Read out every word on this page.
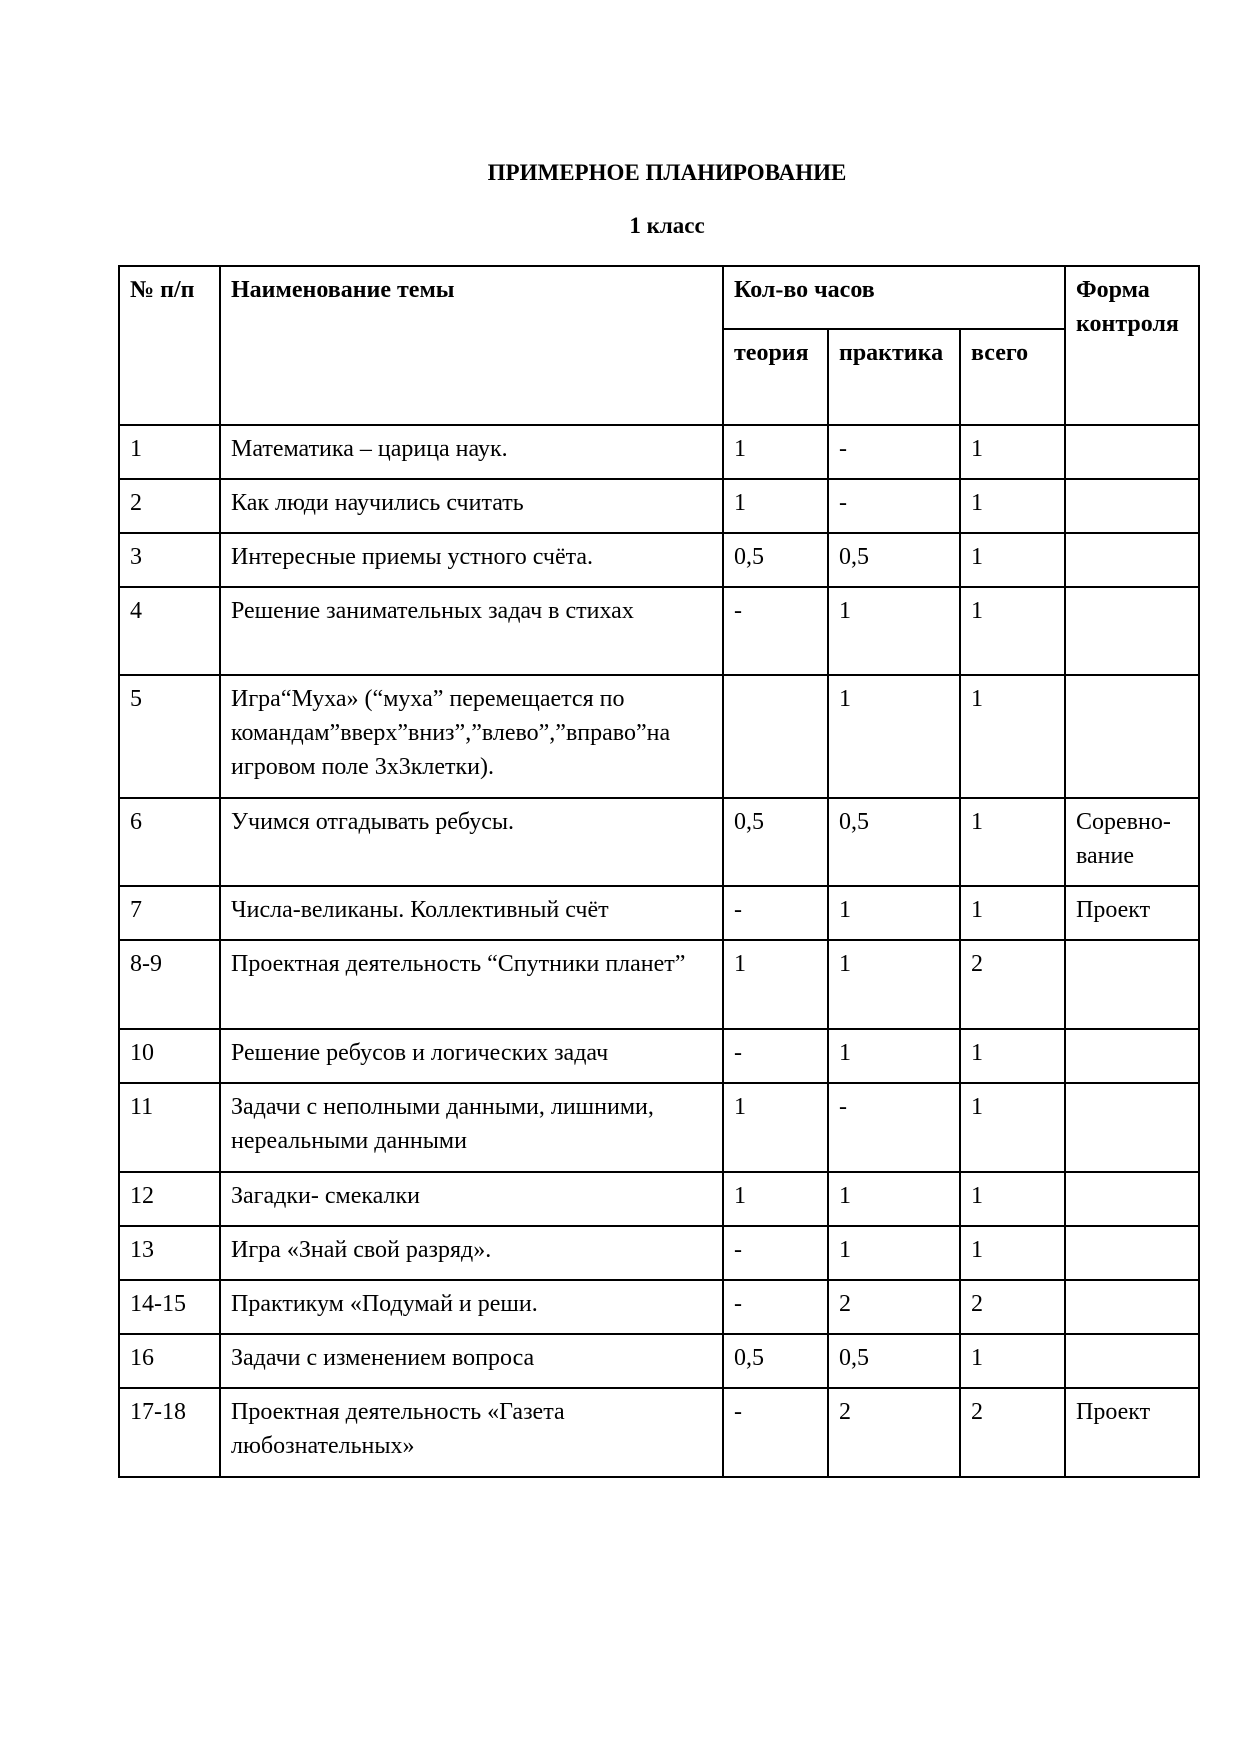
ПРИМЕРНОЕ ПЛАНИРОВАНИЕ
1 класс
№ п/п	Наименование темы	Кол-во часов			Форма контроля
		теория	практика	всего	
1	Математика – царица наук.	1	-	1	
2	Как люди научились считать	1	-	1	
3	Интересные приемы устного счёта.	0,5	0,5	1	
4	Решение занимательных задач в стихах	-	1	1	
5	Игра“Муха» (“муха” перемещается по командам”вверх”вниз”,”влево”,”вправо”на игровом поле 3х3клетки).		1	1	
6	Учимся отгадывать ребусы.	0,5	0,5	1	Соревно-вание
7	Числа-великаны. Коллективный счёт	-	1	1	Проект
8-9	Проектная деятельность “Спутники планет”	1	1	2	
10	Решение ребусов и логических задач	-	1	1	
11	Задачи с неполными данными, лишними, нереальными данными	1	-	1	
12	Загадки- смекалки	1	1	1	
13	Игра «Знай свой разряд».	-	1	1	
14-15	Практикум «Подумай и реши.	-	2	2	
16	Задачи с изменением вопроса	0,5	0,5	1	
17-18	Проектная деятельность «Газета любознательных»	-	2	2	Проект
